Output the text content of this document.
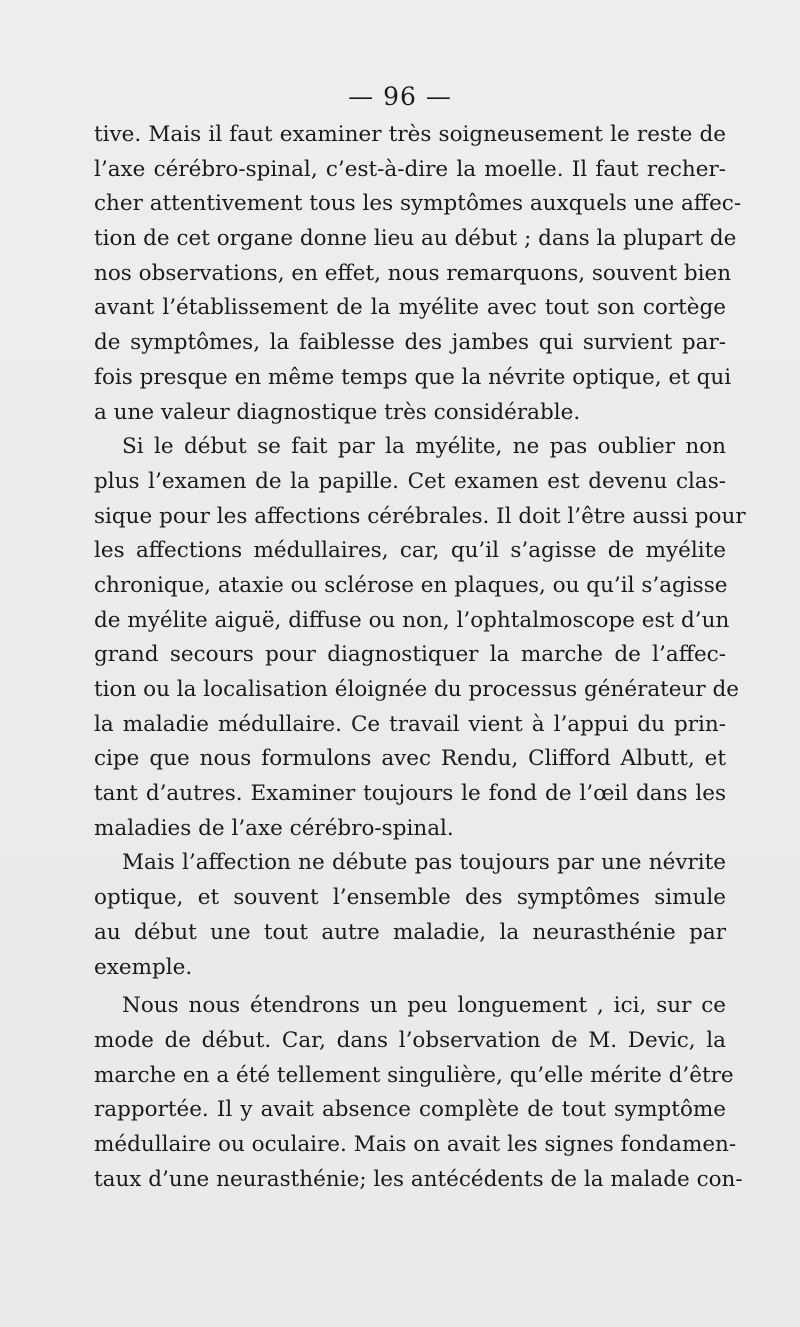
— 96 —
tive. Mais il faut examiner très soigneusement le reste de
l’axe cérébro-spinal, c’est-à-dire la moelle. Il faut recher-
cher attentivement tous les symptômes auxquels une affec-
tion de cet organe donne lieu au début ; dans la plupart de
nos observations, en effet, nous remarquons, souvent bien
avant l’établissement de la myélite avec tout son cortège
de symptômes, la faiblesse des jambes qui survient par-
fois presque en même temps que la névrite optique, et qui
a une valeur diagnostique très considérable.
Si le début se fait par la myélite, ne pas oublier non
plus l’examen de la papille. Cet examen est devenu clas-
sique pour les affections cérébrales. Il doit l’être aussi pour
les affections médullaires, car, qu’il s’agisse de myélite
chronique, ataxie ou sclérose en plaques, ou qu’il s’agisse
de myélite aiguë, diffuse ou non, l’ophtalmoscope est d’un
grand secours pour diagnostiquer la marche de l’affec-
tion ou la localisation éloignée du processus générateur de
la maladie médullaire. Ce travail vient à l’appui du prin-
cipe que nous formulons avec Rendu, Clifford Albutt, et
tant d’autres. Examiner toujours le fond de l’œil dans les
maladies de l’axe cérébro-spinal.
Mais l’affection ne débute pas toujours par une névrite
optique, et souvent l’ensemble des symptômes simule
au début une tout autre maladie, la neurasthénie par
exemple.
Nous nous étendrons un peu longuement , ici, sur ce
mode de début. Car, dans l’observation de M. Devic, la
marche en a été tellement singulière, qu’elle mérite d’être
rapportée. Il y avait absence complète de tout symptôme
médullaire ou oculaire. Mais on avait les signes fondamen-
taux d’une neurasthénie; les antécédents de la malade con-
